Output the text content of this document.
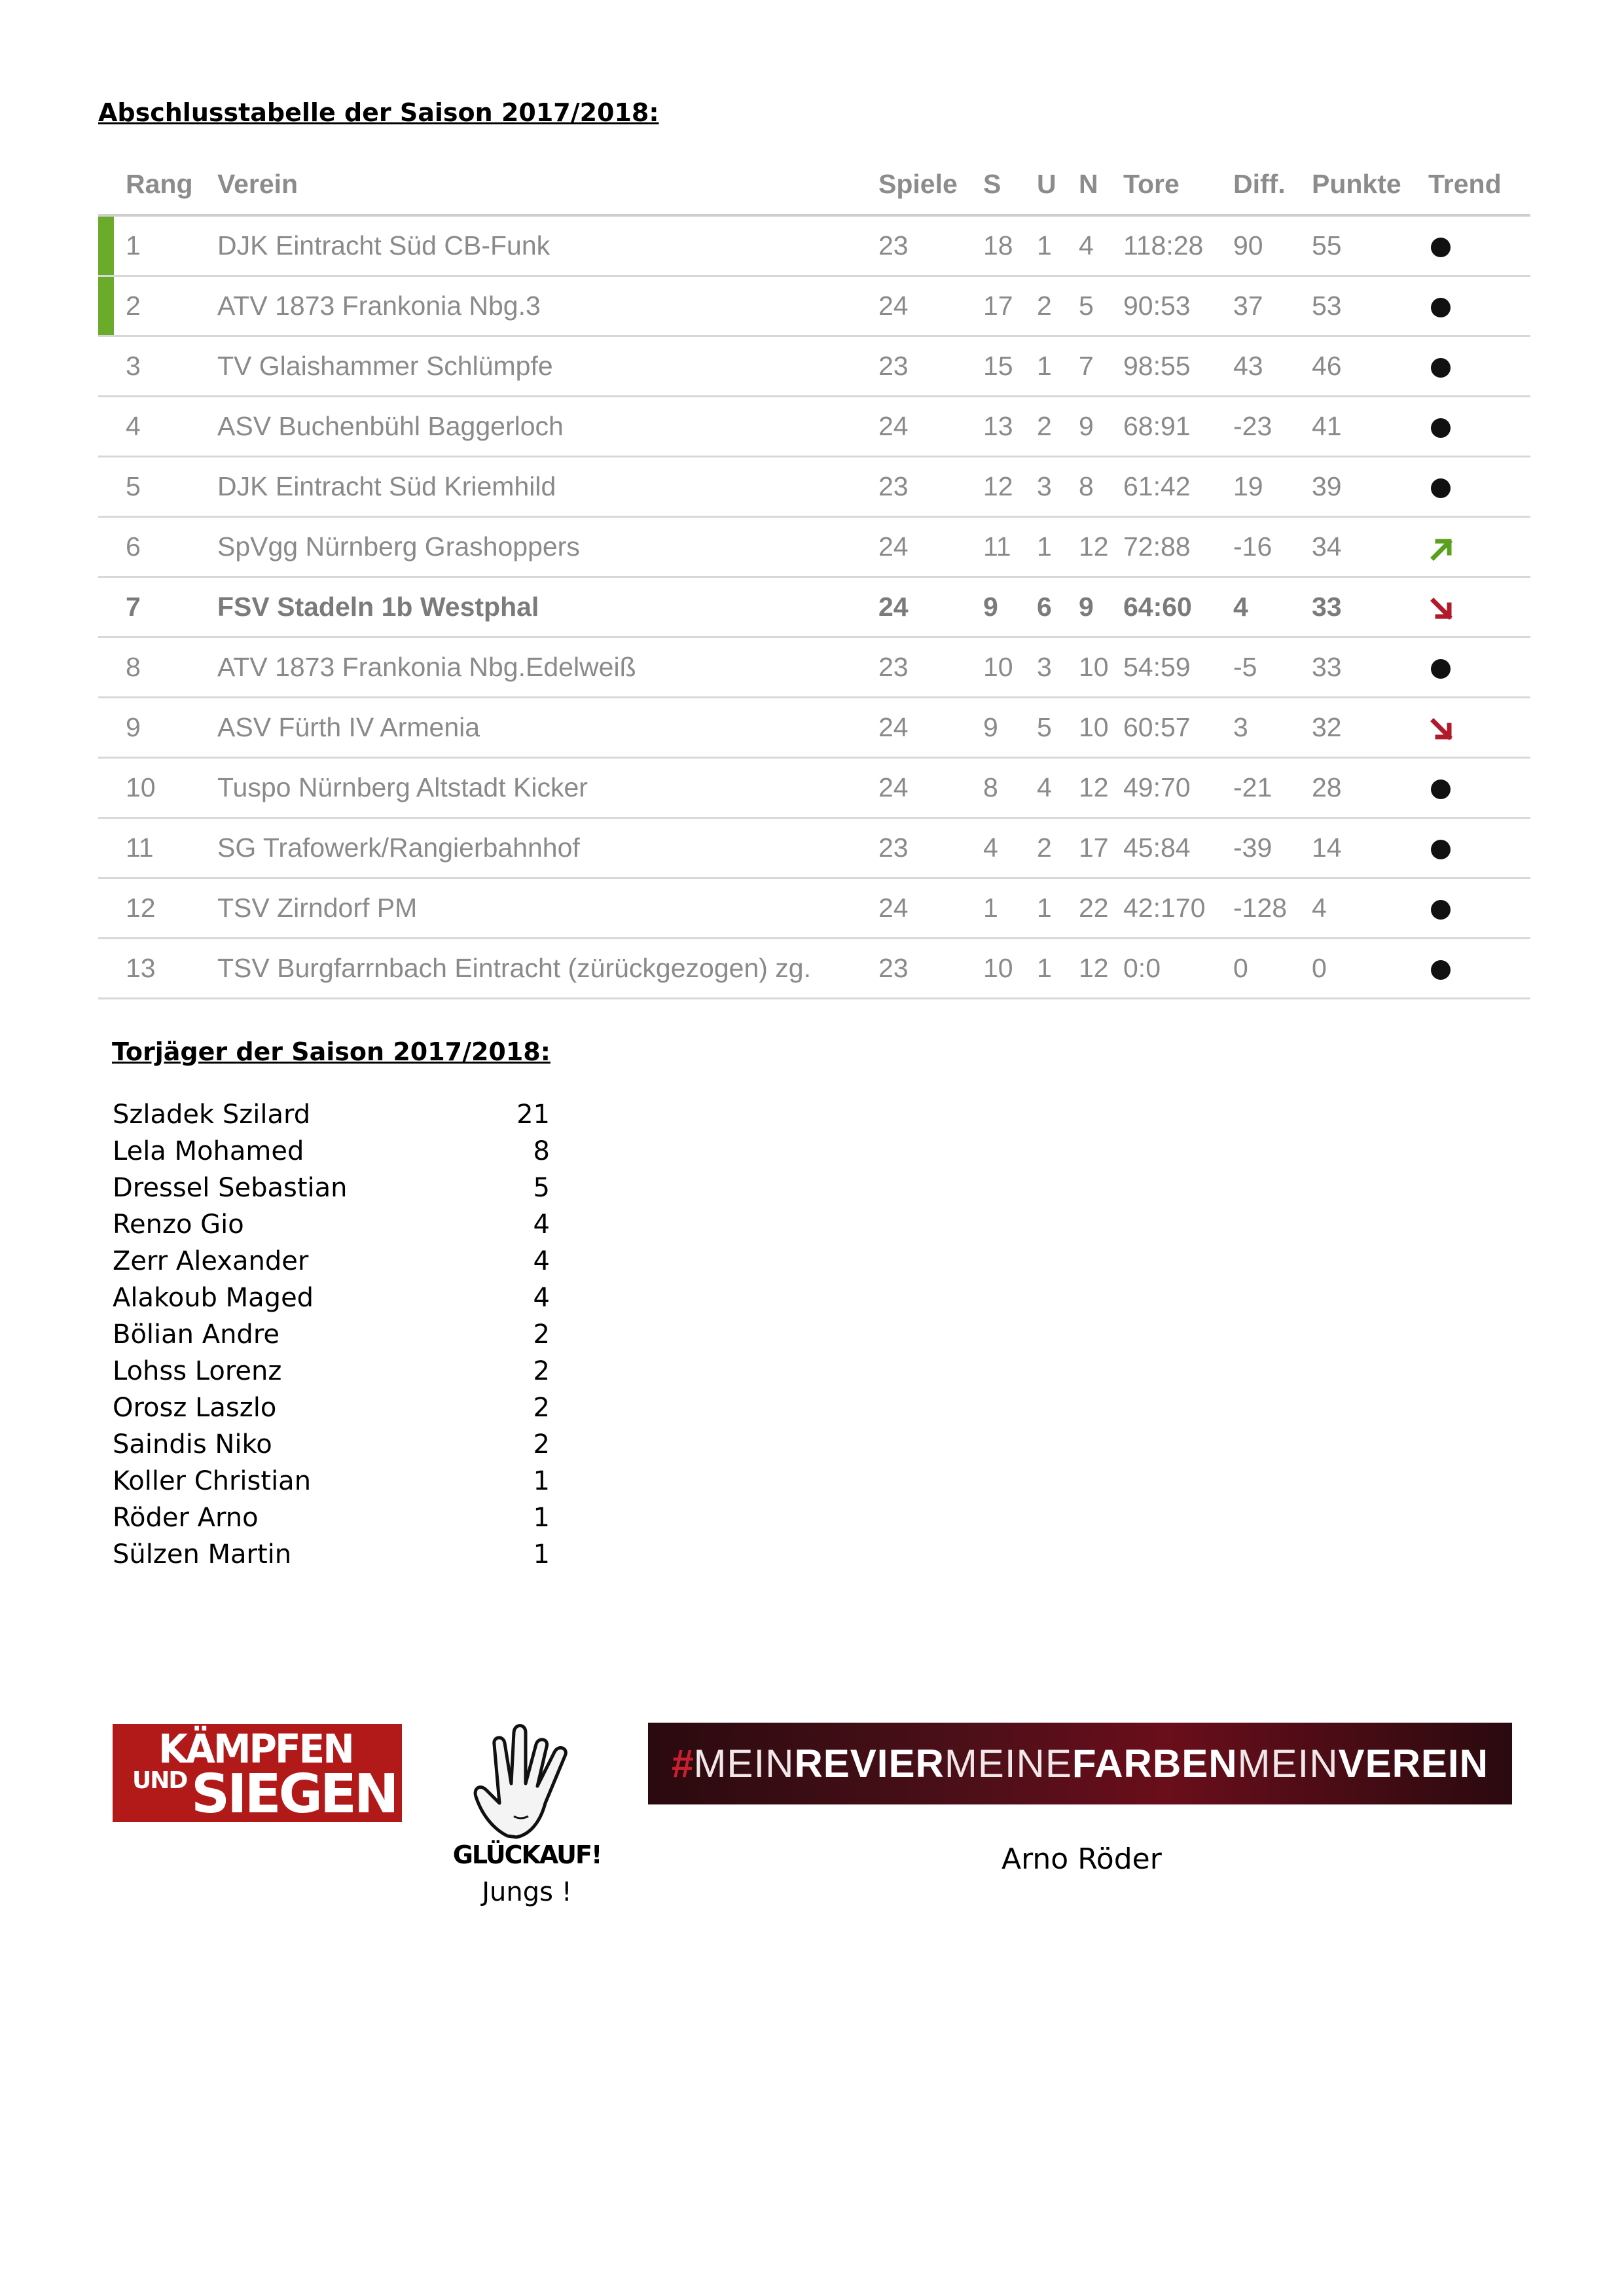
Abschlusstabelle der Saison 2017/2018:
Rang Verein	Spiele S	U N Tore	Diff. Punkte	Trend
1	DJK Eintracht Süd CB-Funk	23	18 1	4	118:28	90	55
2	ATV 1873 Frankonia Nbg.3	24	17 2	5	90:53	37	53
3	TV Glaishammer Schlümpfe	23	15 1	7	98:55	43	46
4	ASV Buchenbühl Baggerloch	24	13 2	9	68:91	-23	41
5	DJK Eintracht Süd Kriemhild	23	12 3	8	61:42	19	39
6	SpVgg Nürnberg Grashoppers	24	11 1	12 72:88	-16	34
7	FSV Stadeln 1b Westphal	24	9	6	9	64:60	4	33
8	ATV 1873 Frankonia Nbg.Edelweiß	23	10 3	10 54:59	-5	33
9	ASV Fürth IV Armenia	24	9	5	10 60:57	3	32
10	Tuspo Nürnberg Altstadt Kicker	24	8	4	12 49:70	-21	28
11	SG Trafowerk/Rangierbahnhof	23	4	2	17 45:84	-39	14
12	TSV Zirndorf PM	24	1	1	22 42:170	-128 4
13	TSV Burgfarrnbach Eintracht (zürückgezogen) zg.	23	10 1	12 0:0	0	0
Torjäger der Saison 2017/2018:
Szladek Szilard	21
Lela Mohamed	8
Dressel Sebastian	5
Renzo Gio	4
Zerr Alexander	4
Alakoub Maged	4
Bölian Andre	2
Lohss Lorenz	2
Orosz Laszlo	2
Saindis Niko	2
Koller Christian	1
Röder Arno	1
Sülzen Martin	1
KÄMPFEN
UND SIEGEN
GLÜCKAUF!
Jungs !
# MEIN REVIER MEINE FARBEN MEIN VEREIN
Arno Röder
